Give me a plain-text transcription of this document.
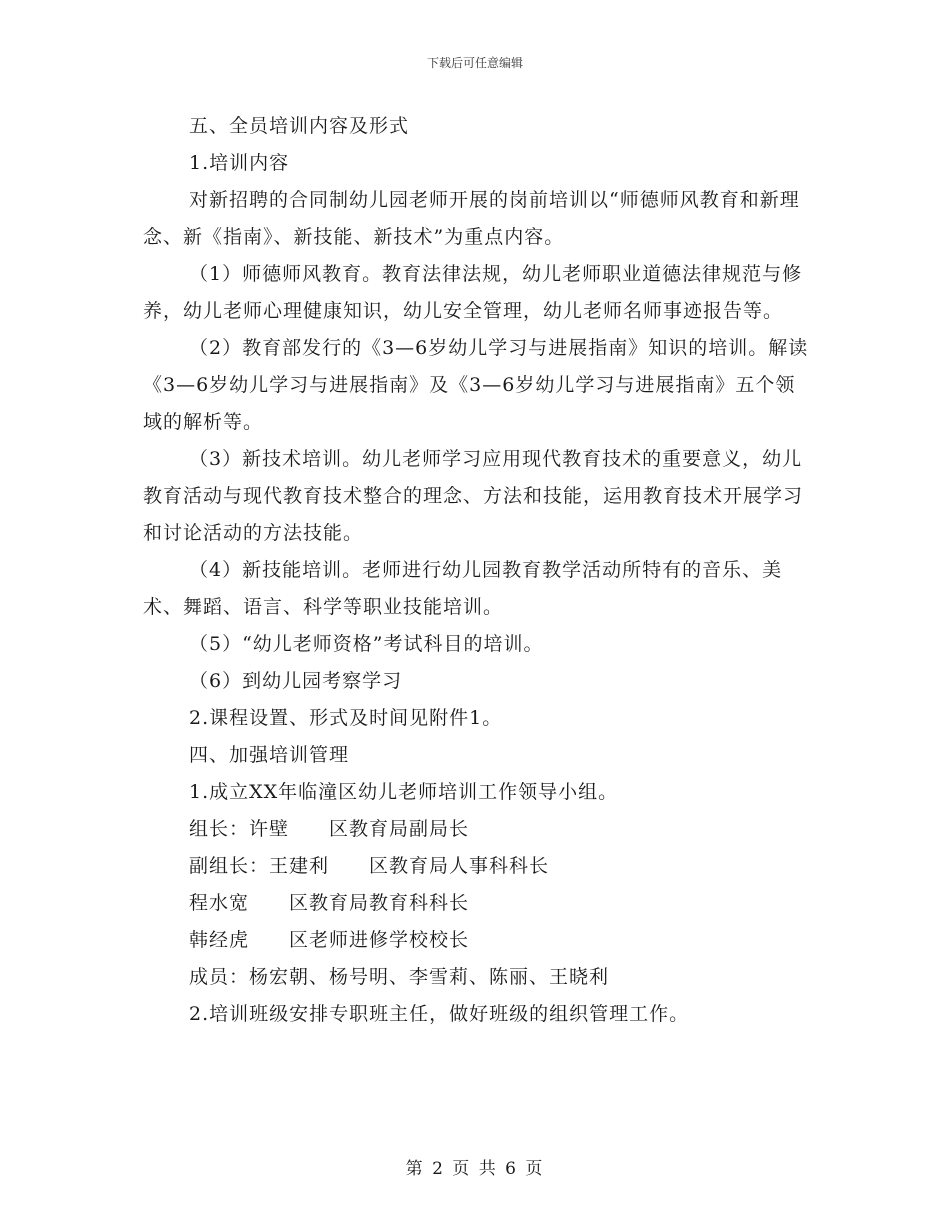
下载后可任意编辑

五、全员培训内容及形式

1.培训内容

对新招聘的合同制幼儿园老师开展的岗前培训以“师德师风教育和新理念、新《指南》、新技能、新技术”为重点内容。

（1）师德师风教育。教育法律法规，幼儿老师职业道德法律规范与修养，幼儿老师心理健康知识，幼儿安全管理，幼儿老师名师事迹报告等。

（2）教育部发行的《3—6岁幼儿学习与进展指南》知识的培训。解读《3—6岁幼儿学习与进展指南》及《3—6岁幼儿学习与进展指南》五个领域的解析等。

（3）新技术培训。幼儿老师学习应用现代教育技术的重要意义，幼儿教育活动与现代教育技术整合的理念、方法和技能，运用教育技术开展学习和讨论活动的方法技能。

（4）新技能培训。老师进行幼儿园教育教学活动所特有的音乐、美术、舞蹈、语言、科学等职业技能培训。

（5）“幼儿老师资格”考试科目的培训。

（6）到幼儿园考察学习

2.课程设置、形式及时间见附件1。

四、加强培训管理

1.成立XX年临潼区幼儿老师培训工作领导小组。

组长：许壁　　区教育局副局长

副组长：王建利　　区教育局人事科科长

程水宽　　区教育局教育科科长

韩经虎　　区老师进修学校校长

成员：杨宏朝、杨号明、李雪莉、陈丽、王晓利

2.培训班级安排专职班主任，做好班级的组织管理工作。

第 2 页 共 6 页
